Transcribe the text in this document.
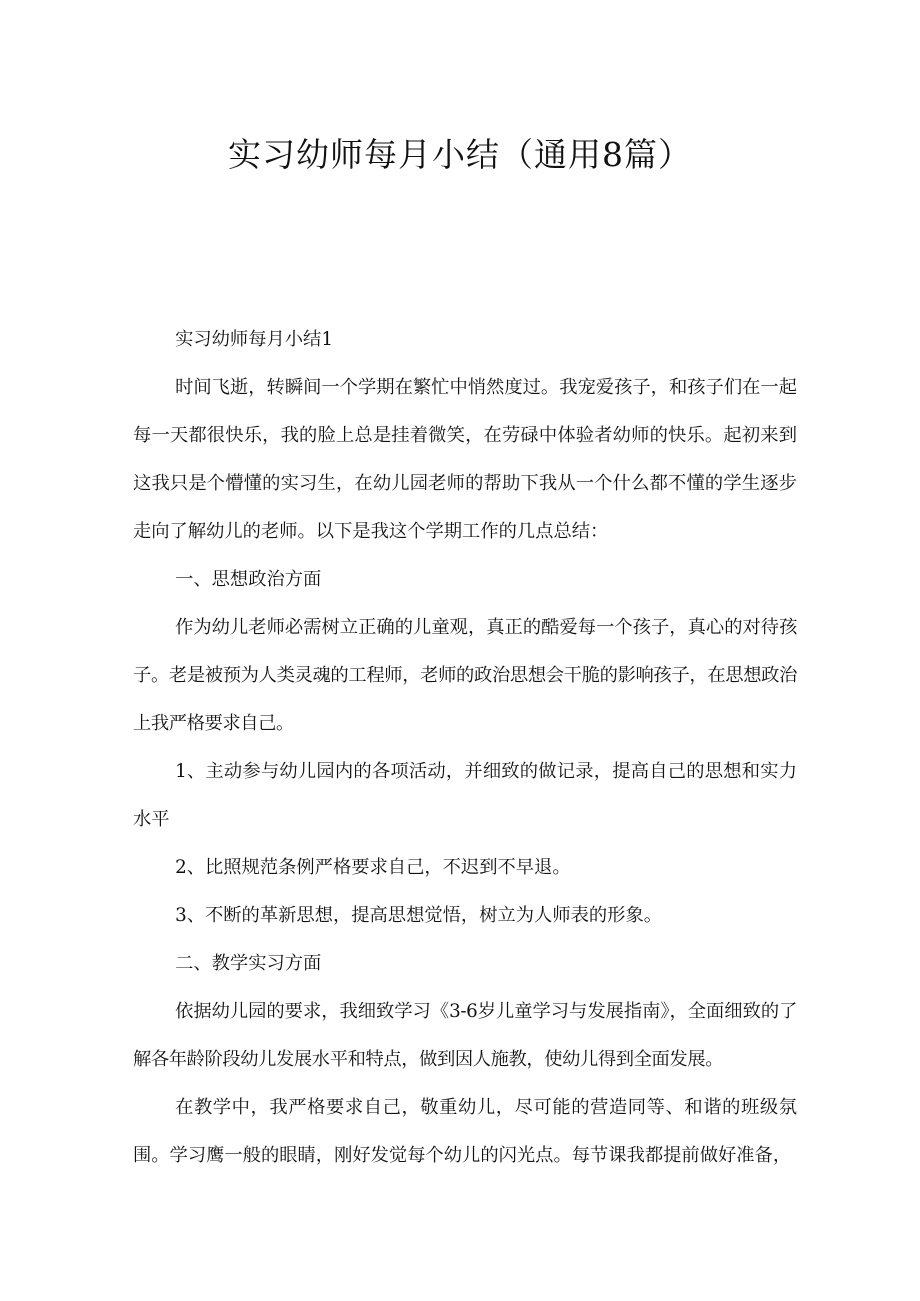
实习幼师每月小结（通用8篇）

实习幼师每月小结1

时间飞逝，转瞬间一个学期在繁忙中悄然度过。我宠爱孩子，和孩子们在一起每一天都很快乐，我的脸上总是挂着微笑，在劳碌中体验者幼师的快乐。起初来到这我只是个懵懂的实习生，在幼儿园老师的帮助下我从一个什么都不懂的学生逐步走向了解幼儿的老师。以下是我这个学期工作的几点总结：

一、思想政治方面

作为幼儿老师必需树立正确的儿童观，真正的酷爱每一个孩子，真心的对待孩子。老是被预为人类灵魂的工程师，老师的政治思想会干脆的影响孩子，在思想政治上我严格要求自己。

1、主动参与幼儿园内的各项活动，并细致的做记录，提高自己的思想和实力水平

2、比照规范条例严格要求自己，不迟到不早退。

3、不断的革新思想，提高思想觉悟，树立为人师表的形象。

二、教学实习方面

依据幼儿园的要求，我细致学习《3-6岁儿童学习与发展指南》，全面细致的了解各年龄阶段幼儿发展水平和特点，做到因人施教，使幼儿得到全面发展。

在教学中，我严格要求自己，敬重幼儿，尽可能的营造同等、和谐的班级氛围。学习鹰一般的眼睛，刚好发觉每个幼儿的闪光点。每节课我都提前做好准备，
